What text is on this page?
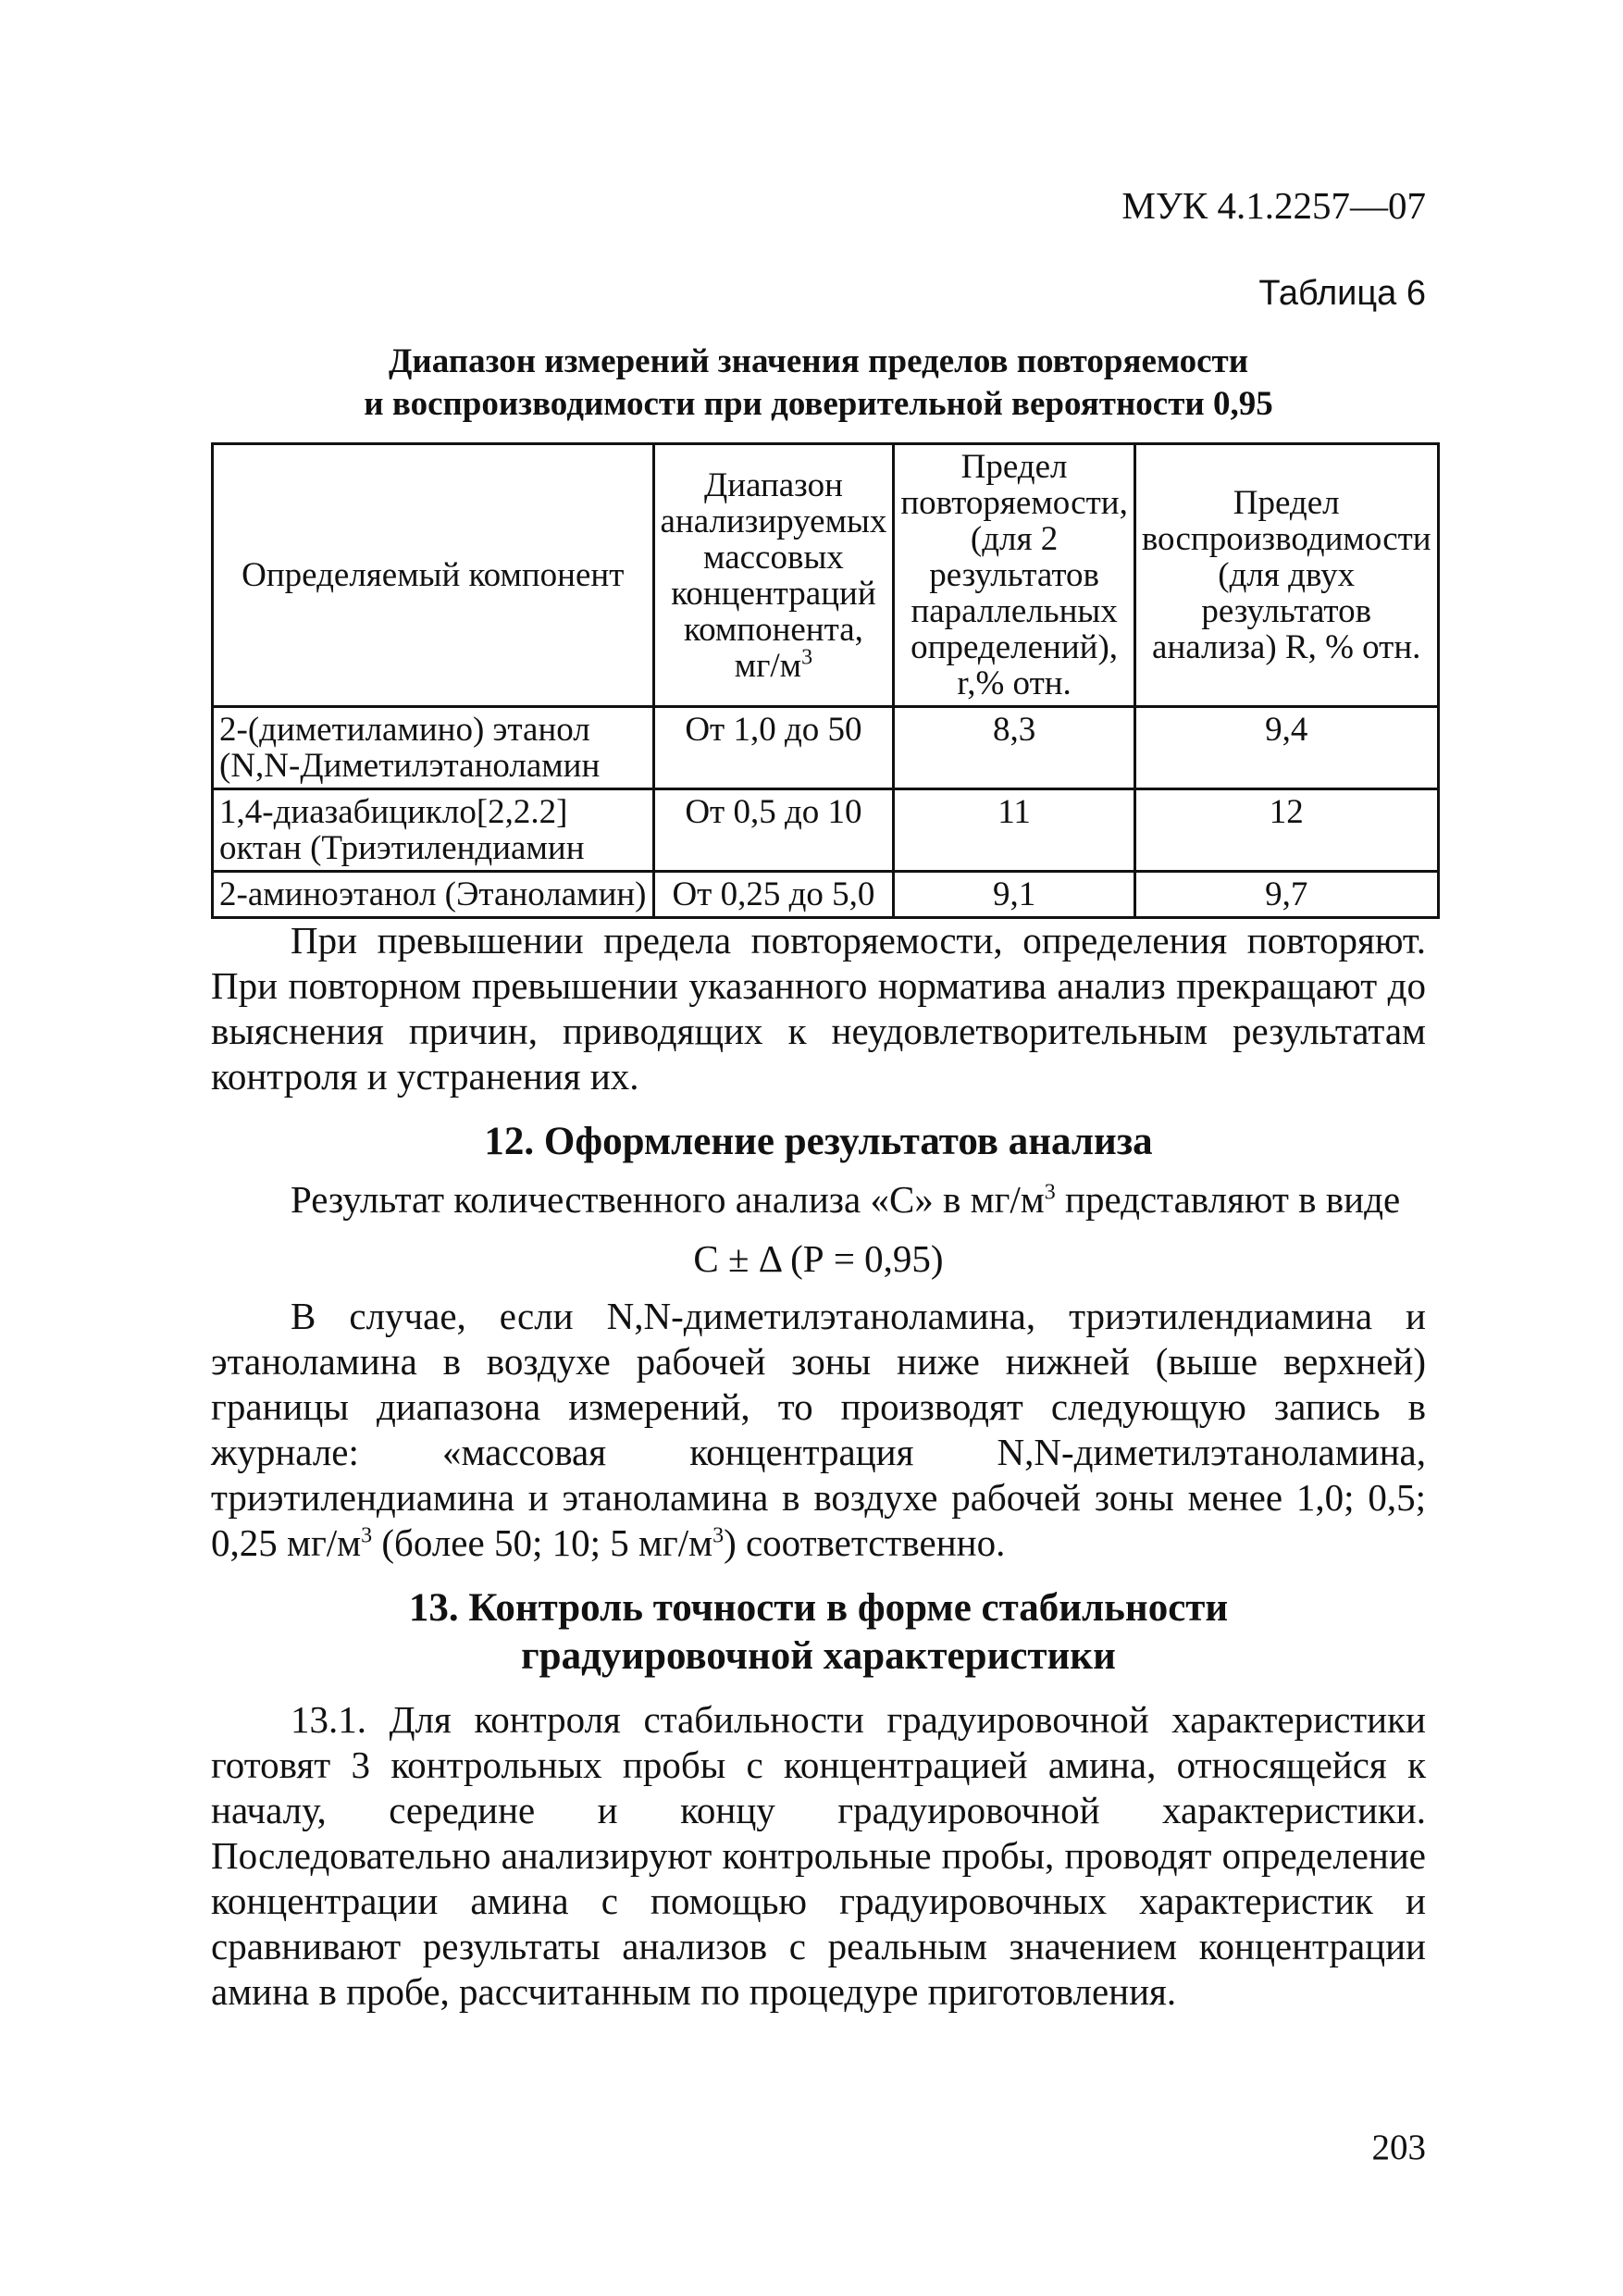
МУК 4.1.2257—07
Таблица 6
Диапазон измерений значения пределов повторяемости
и воспроизводимости при доверительной вероятности 0,95
Определяемый компонент	Диапазон анализируемых массовых концентраций компонента, $мг/м^3$	Предел повторяемости, (для 2 результатов параллельных определений), r,% отн.	Предел воспроизводимости (для двух результатов анализа) R, % отн.
2-(диметиламино) этанол (N,N-Диметилэтаноламин	От 1,0 до 50	8,3	9,4
1,4-диазабицикло[2,2.2] октан (Триэтилендиамин	От 0,5 до 10	11	12
2-аминоэтанол (Этаноламин)	От 0,25 до 5,0	9,1	9,7

При превышении предела повторяемости, определения повторяют. При повторном превышении указанного норматива анализ прекращают до выяснения причин, приводящих к неудовлетворительным результатам контроля и устранения их.

12. Оформление результатов анализа

Результат количественного анализа «С» в $мг/м^3$ представляют в виде

С ± Δ (Р = 0,95)

В случае, если N,N-диметилэтаноламина, триэтилендиамина и этаноламина в воздухе рабочей зоны ниже нижней (выше верхней) границы диапазона измерений, то производят следующую запись в журнале: «массовая концентрация N,N-диметилэтаноламина, триэтилендиамина и этаноламина в воздухе рабочей зоны менее 1,0; 0,5; 0,25 $мг/м^3$ (более 50; 10; 5 $мг/м^3$) соответственно.

13. Контроль точности в форме стабильности
градуировочной характеристики

13.1. Для контроля стабильности градуировочной характеристики готовят 3 контрольных пробы с концентрацией амина, относящейся к началу, середине и концу градуировочной характеристики. Последовательно анализируют контрольные пробы, проводят определение концентрации амина с помощью градуировочных характеристик и сравнивают результаты анализов с реальным значением концентрации амина в пробе, рассчитанным по процедуре приготовления.

203
